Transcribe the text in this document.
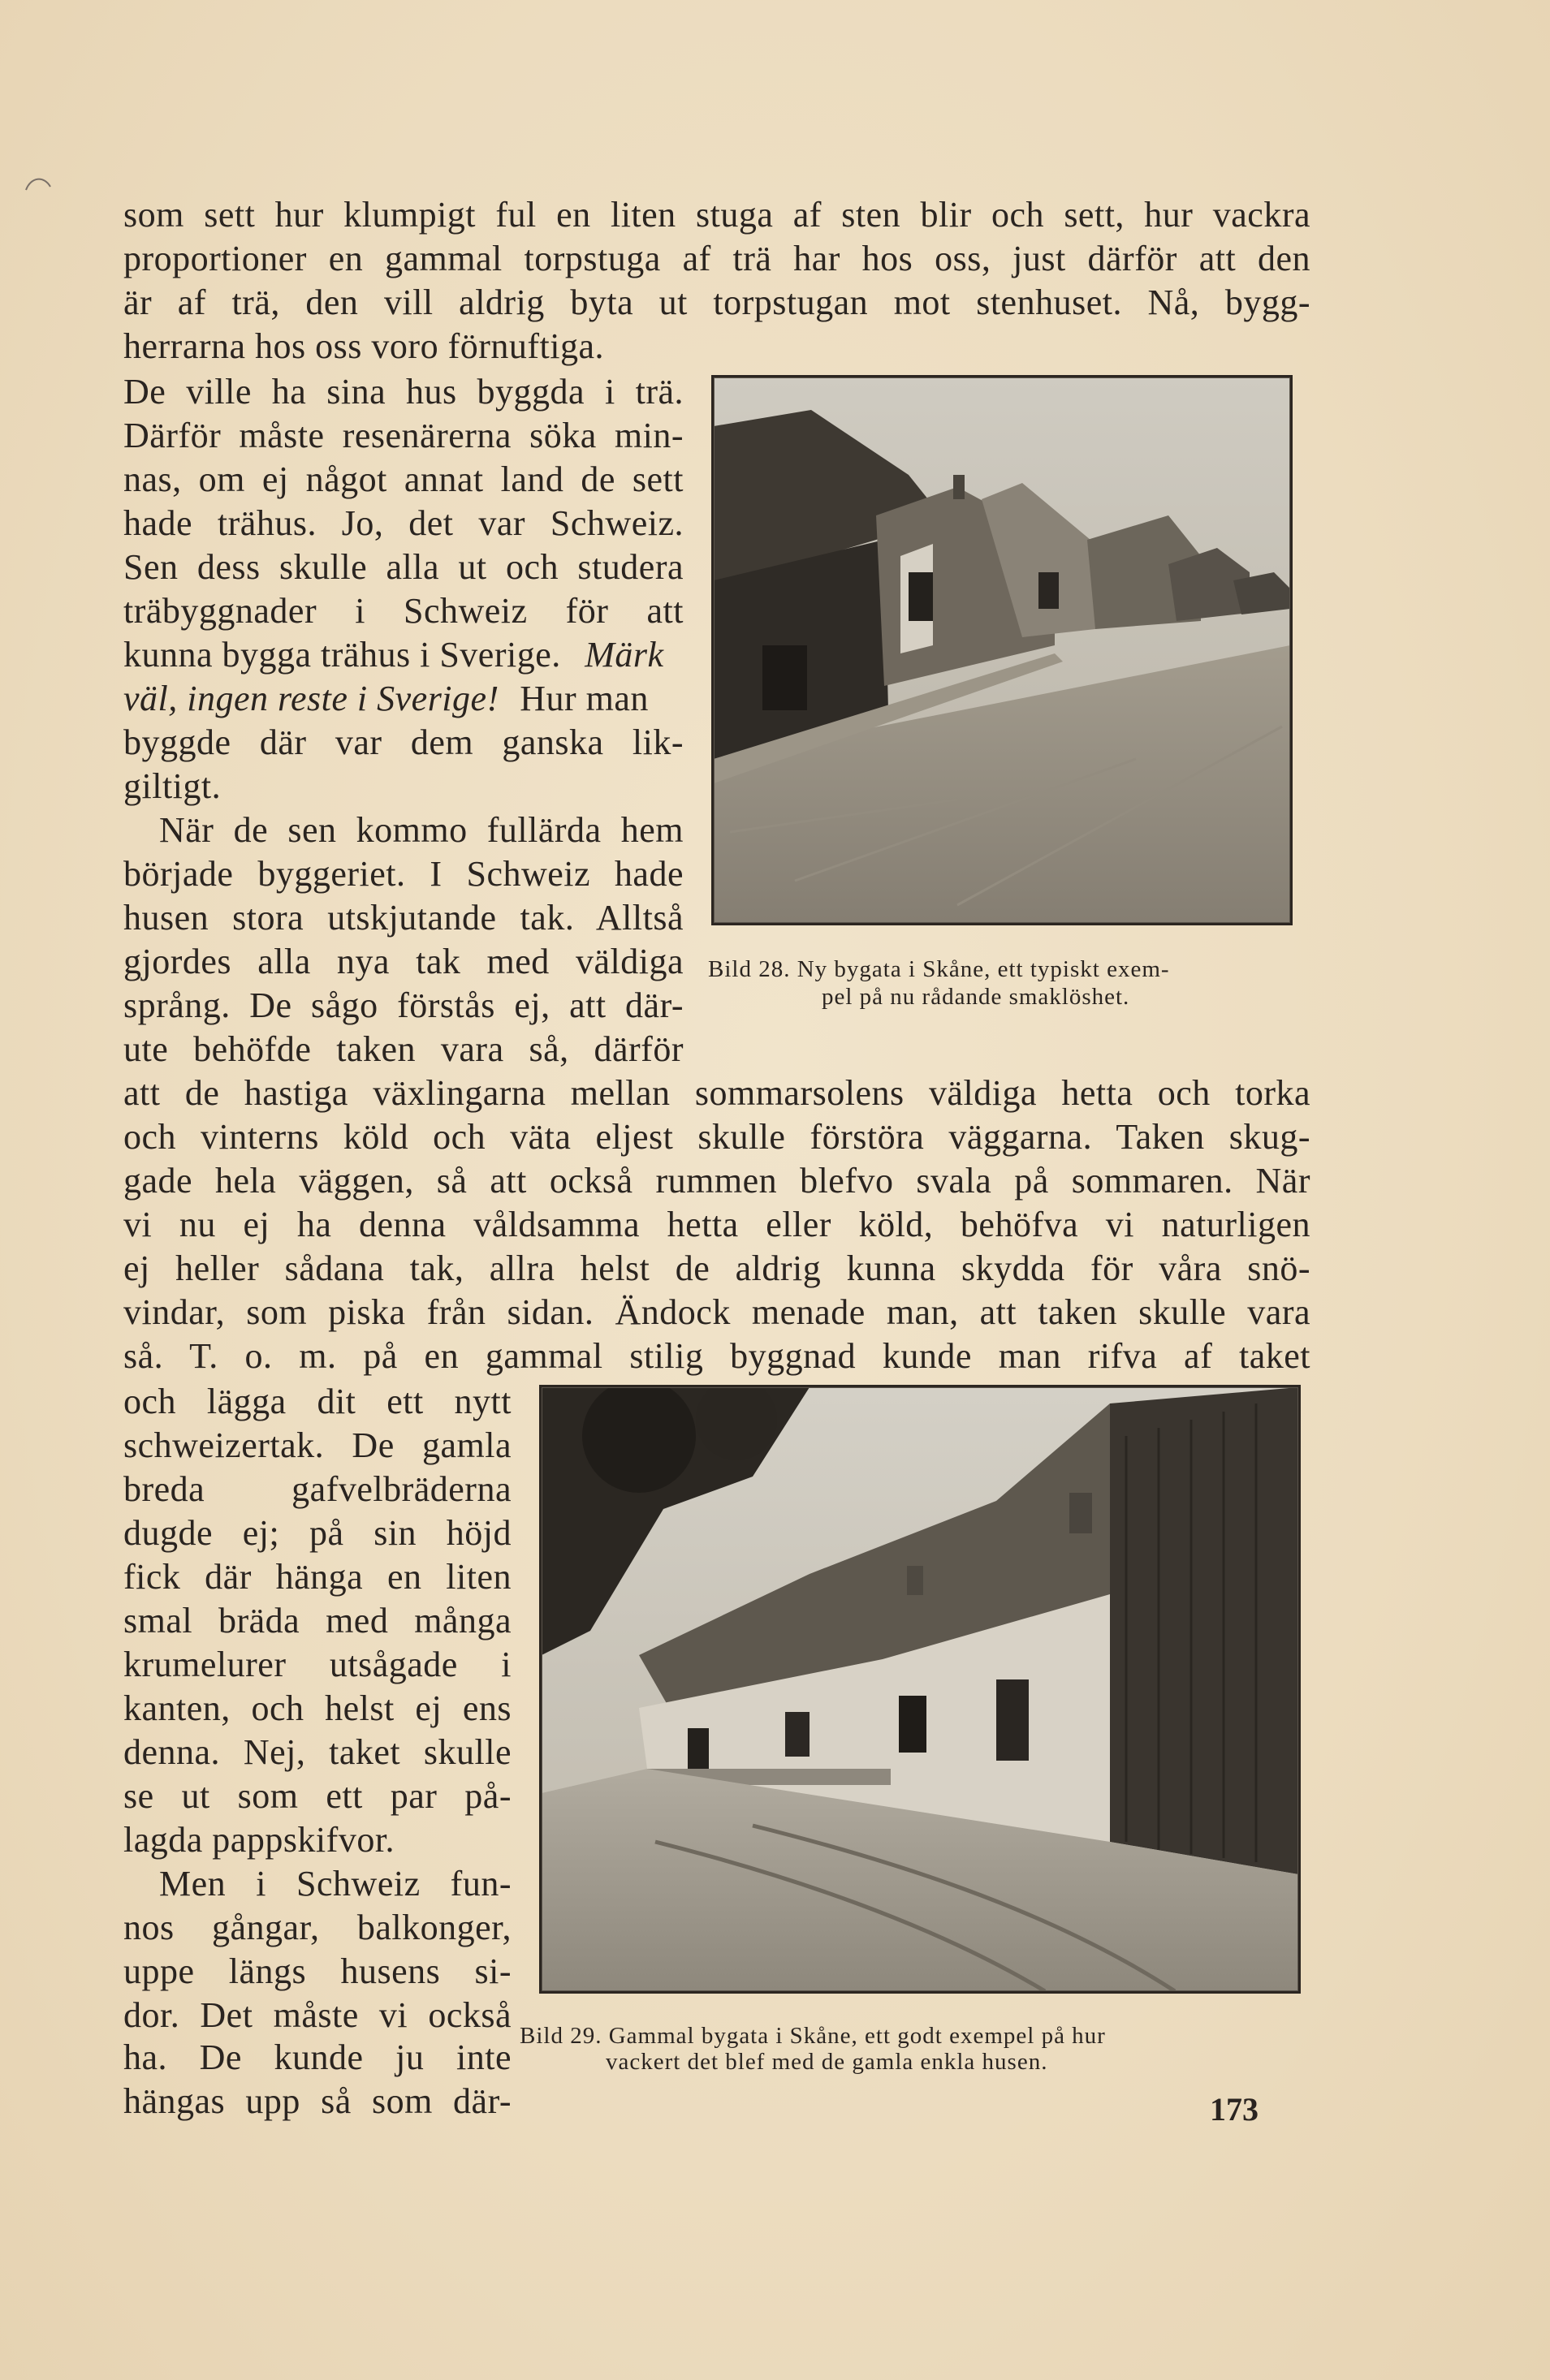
som sett hur klumpigt ful en liten stuga af sten blir och sett, hur vackra
proportioner en gammal torpstuga af trä har hos oss, just därför att den
är af trä, den vill aldrig byta ut torpstugan mot stenhuset. Nå, bygg-
herrarna hos oss voro förnuftiga.
De ville ha sina hus byggda i trä.
Därför måste resenärerna söka min-
nas, om ej något annat land de sett
hade trähus. Jo, det var Schweiz.
Sen dess skulle alla ut och studera
träbyggnader i Schweiz för att
kunna bygga trähus i Sverige. Märk
väl, ingen reste i Sverige! Hur man
byggde där var dem ganska lik-
giltigt.
När de sen kommo fullärda hem
började byggeriet. I Schweiz hade
husen stora utskjutande tak. Alltså
gjordes alla nya tak med väldiga
språng. De sågo förstås ej, att där-
ute behöfde taken vara så, därför
att de hastiga växlingarna mellan sommarsolens väldiga hetta och torka
och vinterns köld och väta eljest skulle förstöra väggarna. Taken skug-
gade hela väggen, så att också rummen blefvo svala på sommaren. När
vi nu ej ha denna våldsamma hetta eller köld, behöfva vi naturligen
ej heller sådana tak, allra helst de aldrig kunna skydda för våra snö-
vindar, som piska från sidan. Ändock menade man, att taken skulle vara
så. T. o. m. på en gammal stilig byggnad kunde man rifva af taket
och lägga dit ett nytt
schweizertak. De gamla
breda gafvelbräderna
dugde ej; på sin höjd
fick där hänga en liten
smal bräda med många
krumelurer utsågade i
kanten, och helst ej ens
denna. Nej, taket skulle
se ut som ett par på-
lagda pappskifvor.
Men i Schweiz fun-
nos gångar, balkonger,
uppe längs husens si-
dor. Det måste vi också
ha. De kunde ju inte
hängas upp så som där-
Bild 28. Ny bygata i Skåne, ett typiskt exem-
pel på nu rådande smaklöshet.
Bild 29. Gammal bygata i Skåne, ett godt exempel på hur
vackert det blef med de gamla enkla husen.
173
